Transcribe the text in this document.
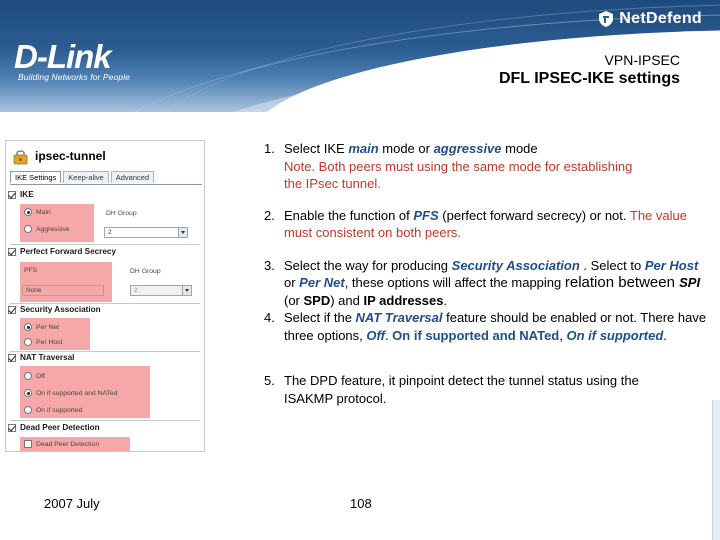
D-Link
Building Networks for People
NetDefend
VPN-IPSEC
DFL IPSEC-IKE settings
ipsec-tunnel
IKE Settings	Keep-alive	Advanced
IKE
Main
Aggressive
DH Group
2
Perfect Forward Secrecy
PFS
None
DH Group
2
Security Association
Per Net
Per Host
NAT Traversal
Off
On if supported and NATed
On if supported
Dead Peer Detection
Dead Peer Detection
1. Select IKE main mode or aggressive mode
Note. Both peers must using the same mode for establishing the IPsec tunnel.
2. Enable the function of PFS (perfect forward secrecy) or not. The value must consistent on both peers.
3. Select the way for producing Security Association . Select to Per Host or Per Net, these options will affect the mapping relation between SPI (or SPD) and IP addresses.
4. Select if the NAT Traversal feature should be enabled or not. There have three options, Off. On if supported and NATed, On if supported.
5. The DPD feature, it pinpoint detect the tunnel status using the ISAKMP protocol.
2007 July	108
